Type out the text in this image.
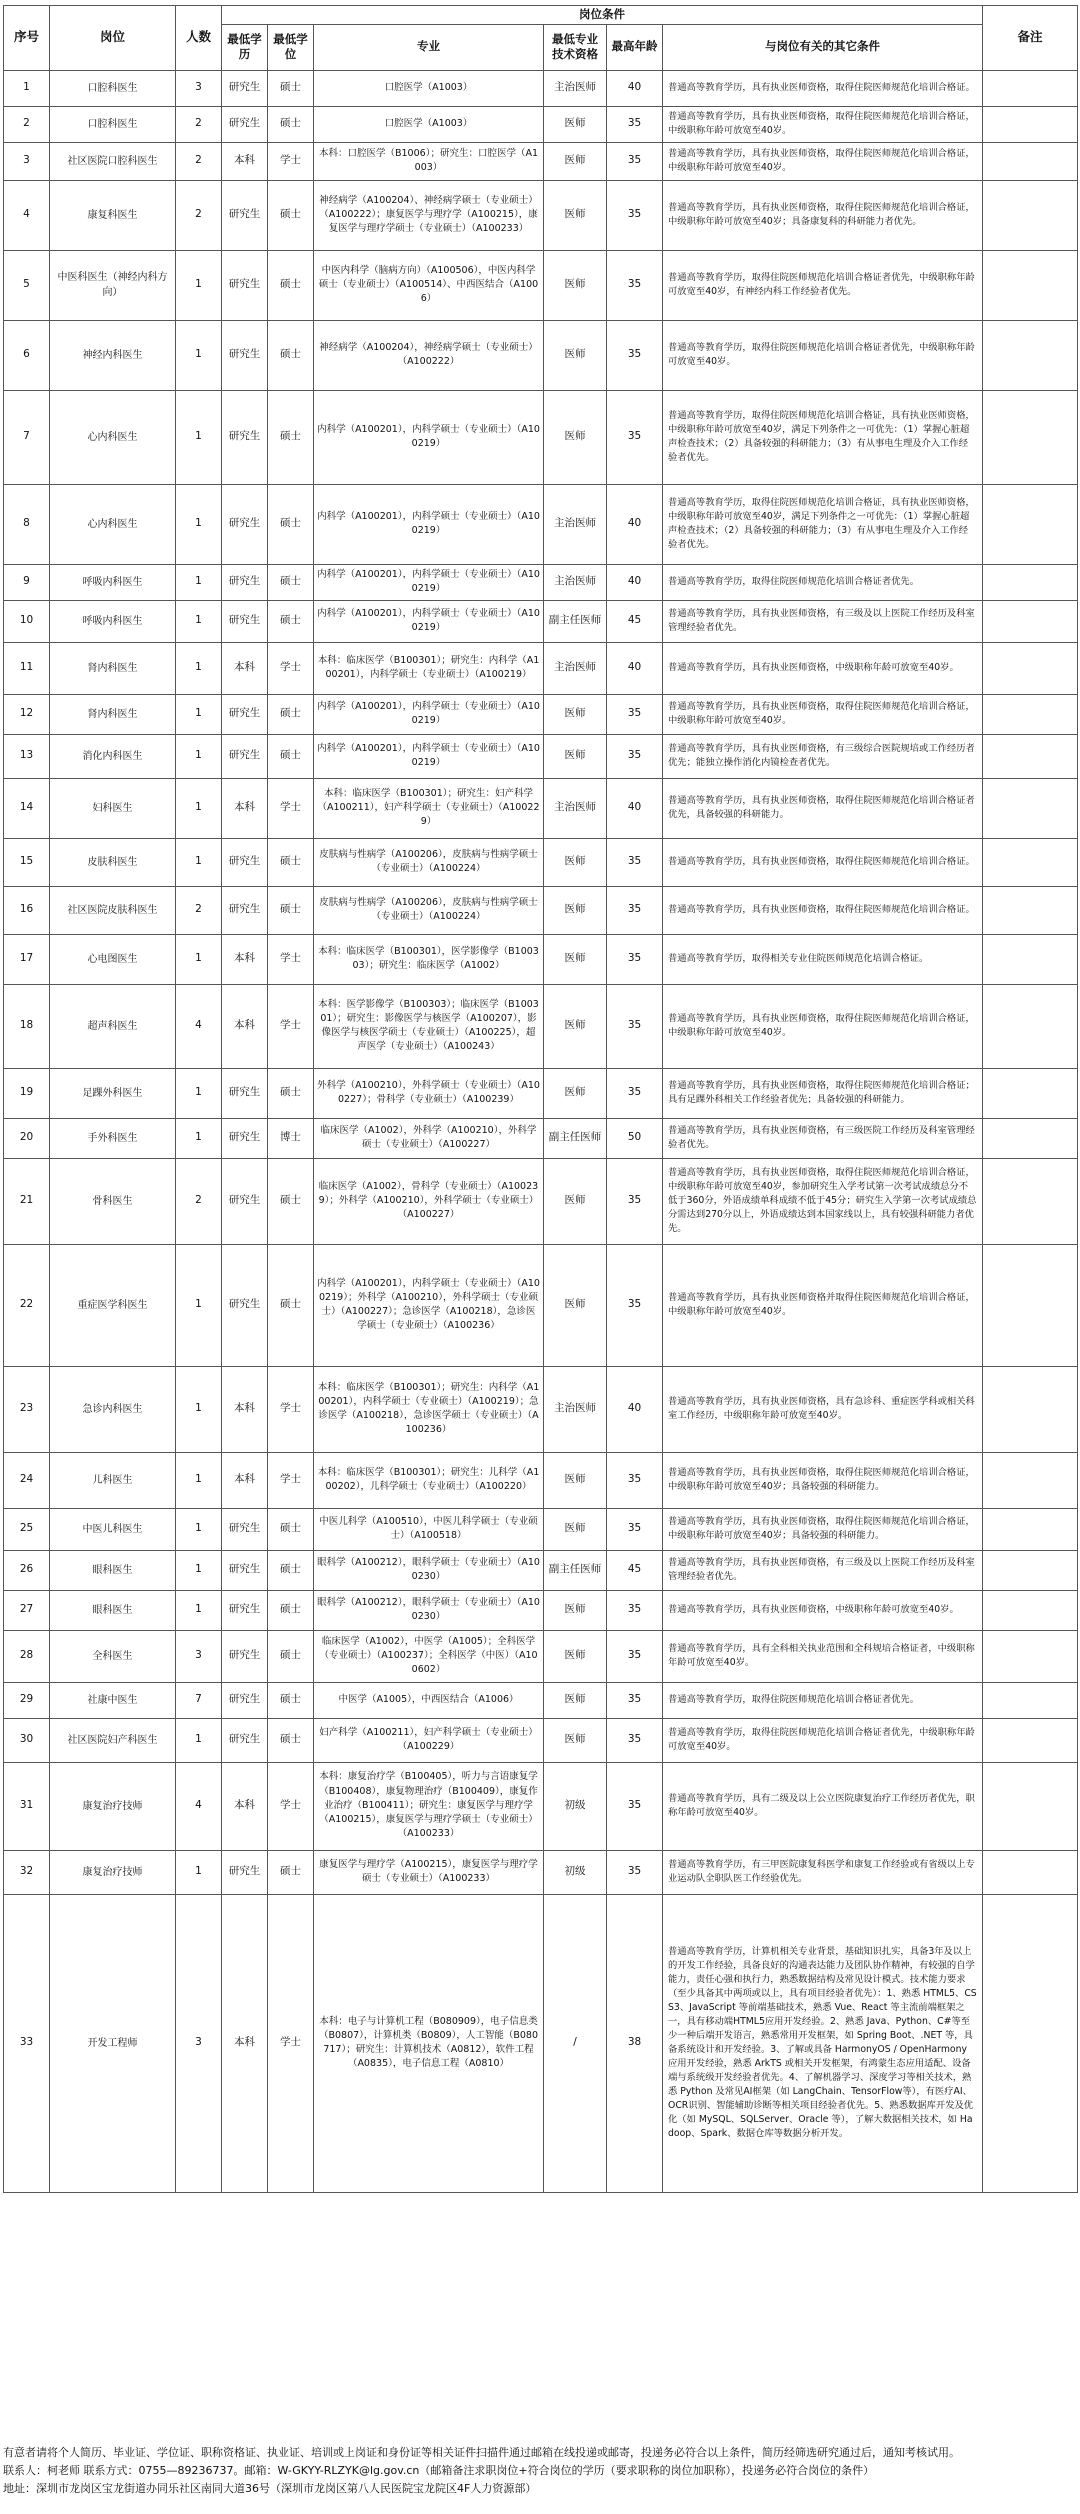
序号	岗位	人数	岗位条件						备注
			最低学历	最低学位	专业	最低专业技术资格	最高年龄	与岗位有关的其它条件	
1	口腔科医生	3	研究生	硕士	口腔医学（A1003）	主治医师	40	普通高等教育学历，具有执业医师资格，取得住院医师规范化培训合格证。	
2	口腔科医生	2	研究生	硕士	口腔医学（A1003）	医师	35	普通高等教育学历，具有执业医师资格，取得住院医师规范化培训合格证，中级职称年龄可放宽至40岁。	
3	社区医院口腔科医生	2	本科	学士	本科：口腔医学（B1006）；研究生：口腔医学（A1003）	医师	35	普通高等教育学历，具有执业医师资格，取得住院医师规范化培训合格证，中级职称年龄可放宽至40岁。	
4	康复科医生	2	研究生	硕士	神经病学（A100204）、神经病学硕士（专业硕士）（A100222）；康复医学与理疗学（A100215），康复医学与理疗学硕士（专业硕士）（A100233）	医师	35	普通高等教育学历，具有执业医师资格，取得住院医师规范化培训合格证，中级职称年龄可放宽至40岁；具备康复科的科研能力者优先。	
5	中医科医生（神经内科方向）	1	研究生	硕士	中医内科学（脑病方向）（A100506），中医内科学硕士（专业硕士）（A100514）、中西医结合（A1006）	医师	35	普通高等教育学历，取得住院医师规范化培训合格证者优先，中级职称年龄可放宽至40岁，有神经内科工作经验者优先。	
6	神经内科医生	1	研究生	硕士	神经病学（A100204），神经病学硕士（专业硕士）（A100222）	医师	35	普通高等教育学历，取得住院医师规范化培训合格证者优先，中级职称年龄可放宽至40岁。	
7	心内科医生	1	研究生	硕士	内科学（A100201），内科学硕士（专业硕士）（A100219）	医师	35	普通高等教育学历，取得住院医师规范化培训合格证，具有执业医师资格，中级职称年龄可放宽至40岁，满足下列条件之一可优先：（1）掌握心脏超声检查技术；（2）具备较强的科研能力；（3）有从事电生理及介入工作经验者优先。	
8	心内科医生	1	研究生	硕士	内科学（A100201），内科学硕士（专业硕士）（A100219）	主治医师	40	普通高等教育学历，取得住院医师规范化培训合格证，具有执业医师资格，中级职称年龄可放宽至40岁，满足下列条件之一可优先：（1）掌握心脏超声检查技术；（2）具备较强的科研能力；（3）有从事电生理及介入工作经验者优先。	
9	呼吸内科医生	1	研究生	硕士	内科学（A100201），内科学硕士（专业硕士）（A100219）	主治医师	40	普通高等教育学历，取得住院医师规范化培训合格证者优先。	
10	呼吸内科医生	1	研究生	硕士	内科学（A100201），内科学硕士（专业硕士）（A100219）	副主任医师	45	普通高等教育学历，具有执业医师资格，有三级及以上医院工作经历及科室管理经验者优先。	
11	肾内科医生	1	本科	学士	本科：临床医学（B100301）；研究生：内科学（A100201），内科学硕士（专业硕士）（A100219）	主治医师	40	普通高等教育学历，具有执业医师资格，中级职称年龄可放宽至40岁。	
12	肾内科医生	1	研究生	硕士	内科学（A100201），内科学硕士（专业硕士）（A100219）	医师	35	普通高等教育学历，具有执业医师资格，取得住院医师规范化培训合格证，中级职称年龄可放宽至40岁。	
13	消化内科医生	1	研究生	硕士	内科学（A100201），内科学硕士（专业硕士）（A100219）	医师	35	普通高等教育学历，具有执业医师资格，有三级综合医院规培或工作经历者优先；能独立操作消化内镜检查者优先。	
14	妇科医生	1	本科	学士	本科：临床医学（B100301）；研究生：妇产科学（A100211），妇产科学硕士（专业硕士）（A100229）	主治医师	40	普通高等教育学历，具有执业医师资格，取得住院医师规范化培训合格证者优先，具备较强的科研能力。	
15	皮肤科医生	1	研究生	硕士	皮肤病与性病学（A100206），皮肤病与性病学硕士（专业硕士）（A100224）	医师	35	普通高等教育学历，具有执业医师资格，取得住院医师规范化培训合格证。	
16	社区医院皮肤科医生	2	研究生	硕士	皮肤病与性病学（A100206），皮肤病与性病学硕士（专业硕士）（A100224）	医师	35	普通高等教育学历，具有执业医师资格，取得住院医师规范化培训合格证。	
17	心电图医生	1	本科	学士	本科：临床医学（B100301），医学影像学（B100303）；研究生：临床医学（A1002）	医师	35	普通高等教育学历，取得相关专业住院医师规范化培训合格证。	
18	超声科医生	4	本科	学士	本科：医学影像学（B100303）；临床医学（B100301）；研究生：影像医学与核医学（A100207），影像医学与核医学硕士（专业硕士）（A100225），超声医学（专业硕士）（A100243）	医师	35	普通高等教育学历，具有执业医师资格，取得住院医师规范化培训合格证，中级职称年龄可放宽至40岁。	
19	足踝外科医生	1	研究生	硕士	外科学（A100210），外科学硕士（专业硕士）（A100227）；骨科学（专业硕士）（A100239）	医师	35	普通高等教育学历，具有执业医师资格，取得住院医师规范化培训合格证；具有足踝外科相关工作经验者优先；具备较强的科研能力。	
20	手外科医生	1	研究生	博士	临床医学（A1002），外科学（A100210），外科学硕士（专业硕士）（A100227）	副主任医师	50	普通高等教育学历，具有执业医师资格，有三级医院工作经历及科室管理经验者优先。	
21	骨科医生	2	研究生	硕士	临床医学（A1002），骨科学（专业硕士）（A100239）；外科学（A100210），外科学硕士（专业硕士）（A100227）	医师	35	普通高等教育学历，具有执业医师资格，取得住院医师规范化培训合格证，中级职称年龄可放宽至40岁，参加研究生入学考试第一次考试成绩总分不低于360分，外语成绩单科成绩不低于45分；研究生入学第一次考试成绩总分需达到270分以上，外语成绩达到本国家线以上，具有较强科研能力者优先。	
22	重症医学科医生	1	研究生	硕士	内科学（A100201），内科学硕士（专业硕士）（A100219）；外科学（A100210），外科学硕士（专业硕士）（A100227）；急诊医学（A100218），急诊医学硕士（专业硕士）（A100236）	医师	35	普通高等教育学历，具有执业医师资格并取得住院医师规范化培训合格证，中级职称年龄可放宽至40岁。	
23	急诊内科医生	1	本科	学士	本科：临床医学（B100301）；研究生：内科学（A100201），内科学硕士（专业硕士）（A100219）；急诊医学（A100218），急诊医学硕士（专业硕士）（A100236）	主治医师	40	普通高等教育学历，具有执业医师资格，具有急诊科、重症医学科或相关科室工作经历，中级职称年龄可放宽至40岁。	
24	儿科医生	1	本科	学士	本科：临床医学（B100301）；研究生：儿科学（A100202），儿科学硕士（专业硕士）（A100220）	医师	35	普通高等教育学历，具有执业医师资格，取得住院医师规范化培训合格证，中级职称年龄可放宽至40岁；具备较强的科研能力。	
25	中医儿科医生	1	研究生	硕士	中医儿科学（A100510），中医儿科学硕士（专业硕士）（A100518）	医师	35	普通高等教育学历，具有执业医师资格，取得住院医师规范化培训合格证，中级职称年龄可放宽至40岁；具备较强的科研能力。	
26	眼科医生	1	研究生	硕士	眼科学（A100212），眼科学硕士（专业硕士）（A100230）	副主任医师	45	普通高等教育学历，具有执业医师资格，有三级及以上医院工作经历及科室管理经验者优先。	
27	眼科医生	1	研究生	硕士	眼科学（A100212），眼科学硕士（专业硕士）（A100230）	医师	35	普通高等教育学历，具有执业医师资格，中级职称年龄可放宽至40岁。	
28	全科医生	3	研究生	硕士	临床医学（A1002），中医学（A1005）；全科医学（专业硕士）（A100237）；全科医学（中医）（A100602）	医师	35	普通高等教育学历，具有全科相关执业范围和全科规培合格证者，中级职称年龄可放宽至40岁。	
29	社康中医生	7	研究生	硕士	中医学（A1005），中西医结合（A1006）	医师	35	普通高等教育学历，取得住院医师规范化培训合格证者优先。	
30	社区医院妇产科医生	1	研究生	硕士	妇产科学（A100211），妇产科学硕士（专业硕士）（A100229）	医师	35	普通高等教育学历，取得住院医师规范化培训合格证者优先，中级职称年龄可放宽至40岁。	
31	康复治疗技师	4	本科	学士	本科：康复治疗学（B100405），听力与言语康复学（B100408），康复物理治疗（B100409），康复作业治疗（B100411）；研究生：康复医学与理疗学（A100215），康复医学与理疗学硕士（专业硕士）（A100233）	初级	35	普通高等教育学历，具有二级及以上公立医院康复治疗工作经历者优先，职称年龄可放宽至40岁。	
32	康复治疗技师	1	研究生	硕士	康复医学与理疗学（A100215），康复医学与理疗学硕士（专业硕士）（A100233）	初级	35	普通高等教育学历，有三甲医院康复科医学和康复工作经验或有省级以上专业运动队全职队医工作经验优先。	
33	开发工程师	3	本科	学士	本科：电子与计算机工程（B080909），电子信息类（B0807），计算机类（B0809），人工智能（B080717）；研究生：计算机技术（A0812），软件工程（A0835），电子信息工程（A0810）	/	38	普通高等教育学历，计算机相关专业背景，基础知识扎实，具备3年及以上的开发工作经验，具备良好的沟通表达能力及团队协作精神，有较强的自学能力，责任心强和执行力，熟悉数据结构及常见设计模式。技术能力要求（至少具备其中两项或以上，具有项目经验者优先）：1、熟悉 HTML5、CSS3、JavaScript 等前端基础技术，熟悉 Vue、React 等主流前端框架之一，具有移动端HTML5应用开发经验。2、熟悉 Java、Python、C#等至少一种后端开发语言，熟悉常用开发框架，如 Spring Boot、.NET 等，具备系统设计和开发经验。3、了解或具备 HarmonyOS / OpenHarmony 应用开发经验，熟悉 ArkTS 或相关开发框架，有鸿蒙生态应用适配、设备端与系统级开发经验者优先。4、了解机器学习、深度学习等相关技术，熟悉 Python 及常见AI框架（如 LangChain、TensorFlow等），有医疗AI、OCR识别、智能辅助诊断等相关项目经验者优先。5、熟悉数据库开发及优化（如 MySQL、SQLServer、Oracle 等），了解大数据相关技术，如 Hadoop、Spark、数据仓库等数据分析开发。	
有意者请将个人简历、毕业证、学位证、职称资格证、执业证、培训或上岗证和身份证等相关证件扫描件通过邮箱在线投递或邮寄，投递务必符合以上条件，简历经筛选研究通过后，通知考核试用。
联系人：柯老师 联系方式：0755—89236737。邮箱：W-GKYY-RLZYK@lg.gov.cn（邮箱备注求职岗位+符合岗位的学历（要求职称的岗位加职称），投递务必符合岗位的条件）
地址：深圳市龙岗区宝龙街道办同乐社区南同大道36号（深圳市龙岗区第八人民医院宝龙院区4F人力资源部）
